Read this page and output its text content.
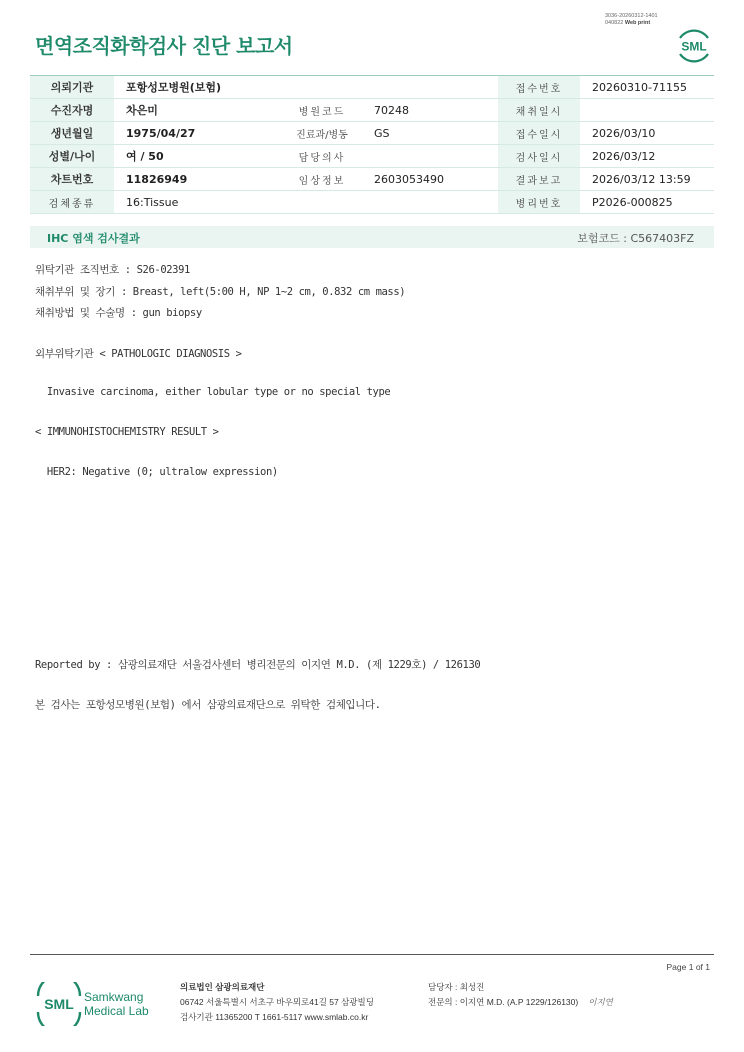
3036-20260312-1401
040822 Web print
면역조직화학검사 진단 보고서	SML
의뢰기관	포항성모병원(보험)			접수번호	20260310-71155
수진자명	차은미	병원코드	70248	채취일시	
생년월일	1975/04/27	진료과/병동	GS	접수일시	2026/03/10
성별/나이	여 / 50	담당의사		검사일시	2026/03/12
차트번호	11826949	임상정보	2603053490	결과보고	2026/03/12 13:59
검체종류	16:Tissue			병리번호	P2026-000825
IHC 염색 검사결과	보험코드 : C567403FZ
위탁기관 조직번호 : S26-02391
채취부위 및 장기 : Breast, left(5:00 H, NP 1~2 cm, 0.832 cm mass)
채취방법 및 수술명 : gun biopsy
외부위탁기관 < PATHOLOGIC DIAGNOSIS >
Invasive carcinoma, either lobular type or no special type
< IMMUNOHISTOCHEMISTRY RESULT >
HER2: Negative (0; ultralow expression)
Reported by : 삼광의료재단 서울검사센터 병리전문의 이지연 M.D. (제 1229호) / 126130
본 검사는 포항성모병원(보험) 에서 삼광의료재단으로 위탁한 검체입니다.
Page 1 of 1
SML Samkwang
Medical Lab
의료법인 삼광의료재단
06742 서울특별시 서초구 바우뫼로41길 57 삼광빌딩
검사기관 11365200 T 1661-5117 www.smlab.co.kr
담당자 : 최성진
전문의 : 이지연 M.D. (A.P 1229/126130) 이지연
